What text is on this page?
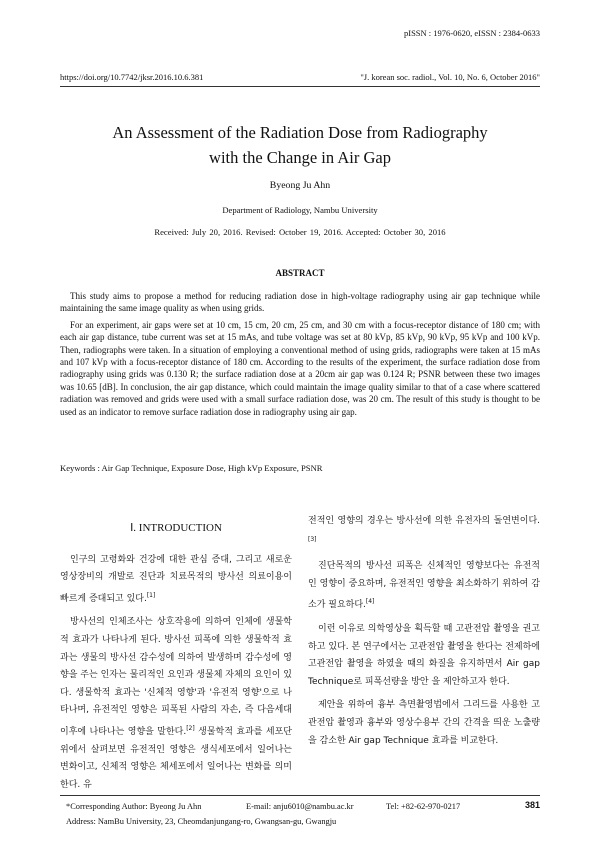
pISSN : 1976-0620, eISSN : 2384-0633
https://doi.org/10.7742/jksr.2016.10.6.381	"J. korean soc. radiol., Vol. 10, No. 6, October 2016"
An Assessment of the Radiation Dose from Radiography
with the Change in Air Gap
Byeong Ju Ahn
Department of Radiology, Nambu University
Received: July 20, 2016. Revised: October 19, 2016. Accepted: October 30, 2016
ABSTRACT

This study aims to propose a method for reducing radiation dose in high-voltage radiography using air gap technique while maintaining the same image quality as when using grids.

For an experiment, air gaps were set at 10 cm, 15 cm, 20 cm, 25 cm, and 30 cm with a focus-receptor distance of 180 cm; with each air gap distance, tube current was set at 15 mAs, and tube voltage was set at 80 kVp, 85 kVp, 90 kVp, 95 kVp and 100 kVp. Then, radiographs were taken. In a situation of employing a conventional method of using grids, radiographs were taken at 15 mAs and 107 kVp with a focus-receptor distance of 180 cm. According to the results of the experiment, the surface radiation dose from radiography using grids was 0.130 R; the surface radiation dose at a 20cm air gap was 0.124 R; PSNR between these two images was 10.65 [dB]. In conclusion, the air gap distance, which could maintain the image quality similar to that of a case where scattered radiation was removed and grids were used with a small surface radiation dose, was 20 cm. The result of this study is thought to be used as an indicator to remove surface radiation dose in radiography using air gap.

Keywords : Air Gap Technique, Exposure Dose, High kVp Exposure, PSNR
Ⅰ. INTRODUCTION

인구의 고령화와 건강에 대한 관심 증대, 그리고 새로운 영상장비의 개발로 진단과 치료목적의 방사선 의료이용이 빠르게 증대되고 있다.[1]

방사선의 인체조사는 상호작용에 의하여 인체에 생물학적 효과가 나타나게 된다. 방사선 피폭에 의한 생물학적 효과는 생물의 방사선 감수성에 의하여 발생하며 감수성에 영향을 주는 인자는 물리적인 요인과 생물체 자체의 요인이 있다. 생물학적 효과는 '신체적 영향'과 '유전적 영향'으로 나타나며, 유전적인 영향은 피폭된 사람의 자손, 즉 다음세대 이후에 나타나는 영향을 말한다.[2] 생물학적 효과를 세포단위에서 살펴보면 유전적인 영향은 생식세포에서 일어나는 변화이고, 신체적 영향은 체세포에서 일어나는 변화를 의미한다. 유

전적인 영향의 경우는 방사선에 의한 유전자의 돌연변이다.[3]

진단목적의 방사선 피폭은 신체적인 영향보다는 유전적인 영향이 중요하며, 유전적인 영향을 최소화하기 위하여 감소가 필요하다.[4]

이런 이유로 의학영상을 획득할 때 고관전압 촬영을 권고하고 있다. 본 연구에서는 고관전압 촬영을 한다는 전제하에 고관전압 촬영을 하였을 때의 화질을 유지하면서 Air gap Technique로 피폭선량을 방안 을 제안하고자 한다.

제안을 위하여 흉부 측면촬영법에서 그리드를 사용한 고관전압 촬영과 흉부와 영상수용부 간의 간격을 띄운 노출량을 감소한 Air gap Technique 효과를 비교한다.

*Corresponding Author: Byeong Ju Ahn	E-mail: anju6010@nambu.ac.kr	Tel: +82-62-970-0217
Address: NamBu University, 23, Cheomdanjungang-ro, Gwangsan-gu, Gwangju
381
